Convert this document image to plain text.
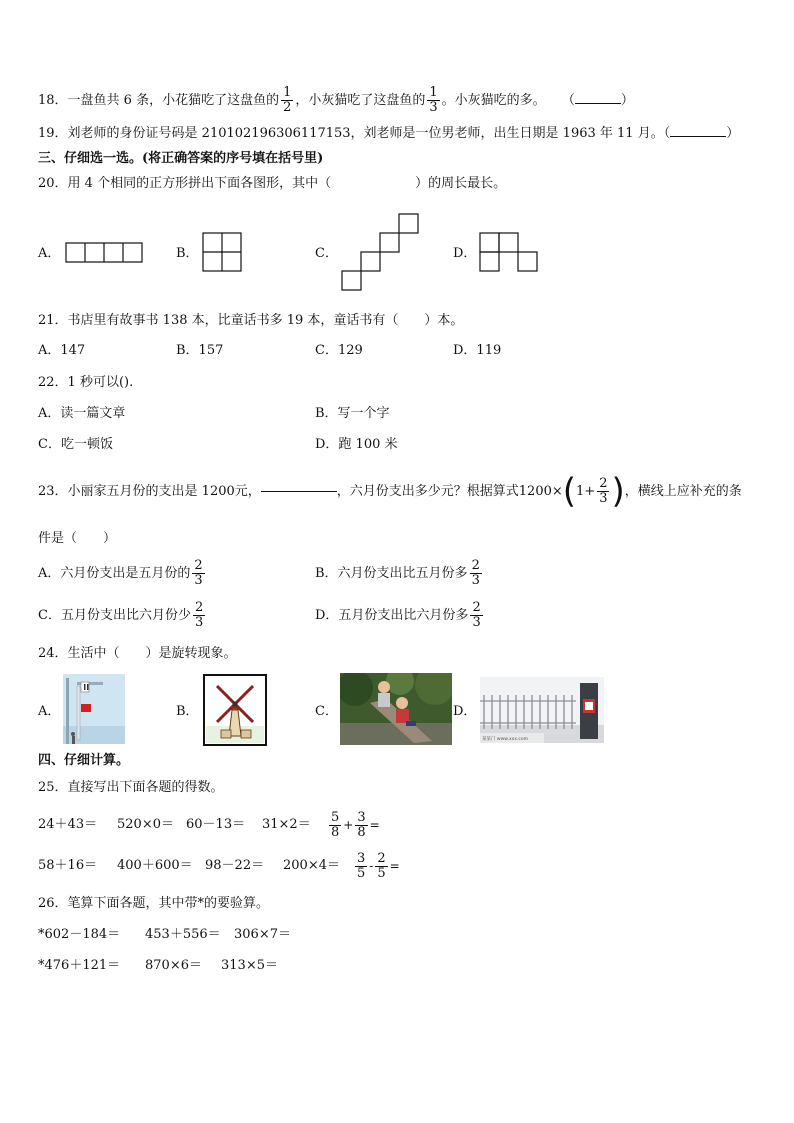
18．一盘鱼共 6 条，小花猫吃了这盘鱼的 $\frac{1}{2}$ ，小灰猫吃了这盘鱼的 $\frac{1}{3}$ 。小灰猫吃的多。 （	）
19．刘老师的身份证号码是 210102196306117153，刘老师是一位男老师，出生日期是 1963 年 11 月。（	）
三、仔细选一选。(将正确答案的序号填在括号里)
20．用 4 个相同的正方形拼出下面各图形，其中（	）的周长最长。
A．	B．	C．	D．
21．书店里有故事书 138 本，比童话书多 19 本，童话书有（　　）本。
A．147	B．157	C．129	D．119
22．1 秒可以().
A．读一篇文章	B．写一个字
C．吃一顿饭	D．跑 100 米
23．小丽家五月份的支出是 1200元，	，六月份支出多少元？根据算式$1200\times(1+ \frac{2}{3}$ )，横线上应补充的条
件是（　　）
A．六月份支出是五月份的 $\frac{2}{3}$	B．六月份支出比五月份多 $\frac{2}{3}$
C．五月份支出比六月份少 $\frac{2}{3}$	D．五月份支出比六月份多 $\frac{2}{3}$
24．生活中（　　）是旋转现象。
A．	B．	C．	D．
某某门 www.xxx.com
四、仔细计算。
25．直接写出下面各题的得数。
$24+43= 520\times 0= 60-13= 31\times 2= \frac{5}{8} + \frac{3}{8}$ =
$58+16= 400+600= 98-22= 200\times 4= \frac{3}{5} - \frac{2}{5}$ =
26．笔算下面各题，其中带*的要验算。
*602－184＝ 453＋556＝ 306×7＝
*476＋121＝ 870×6＝ 313×5＝
